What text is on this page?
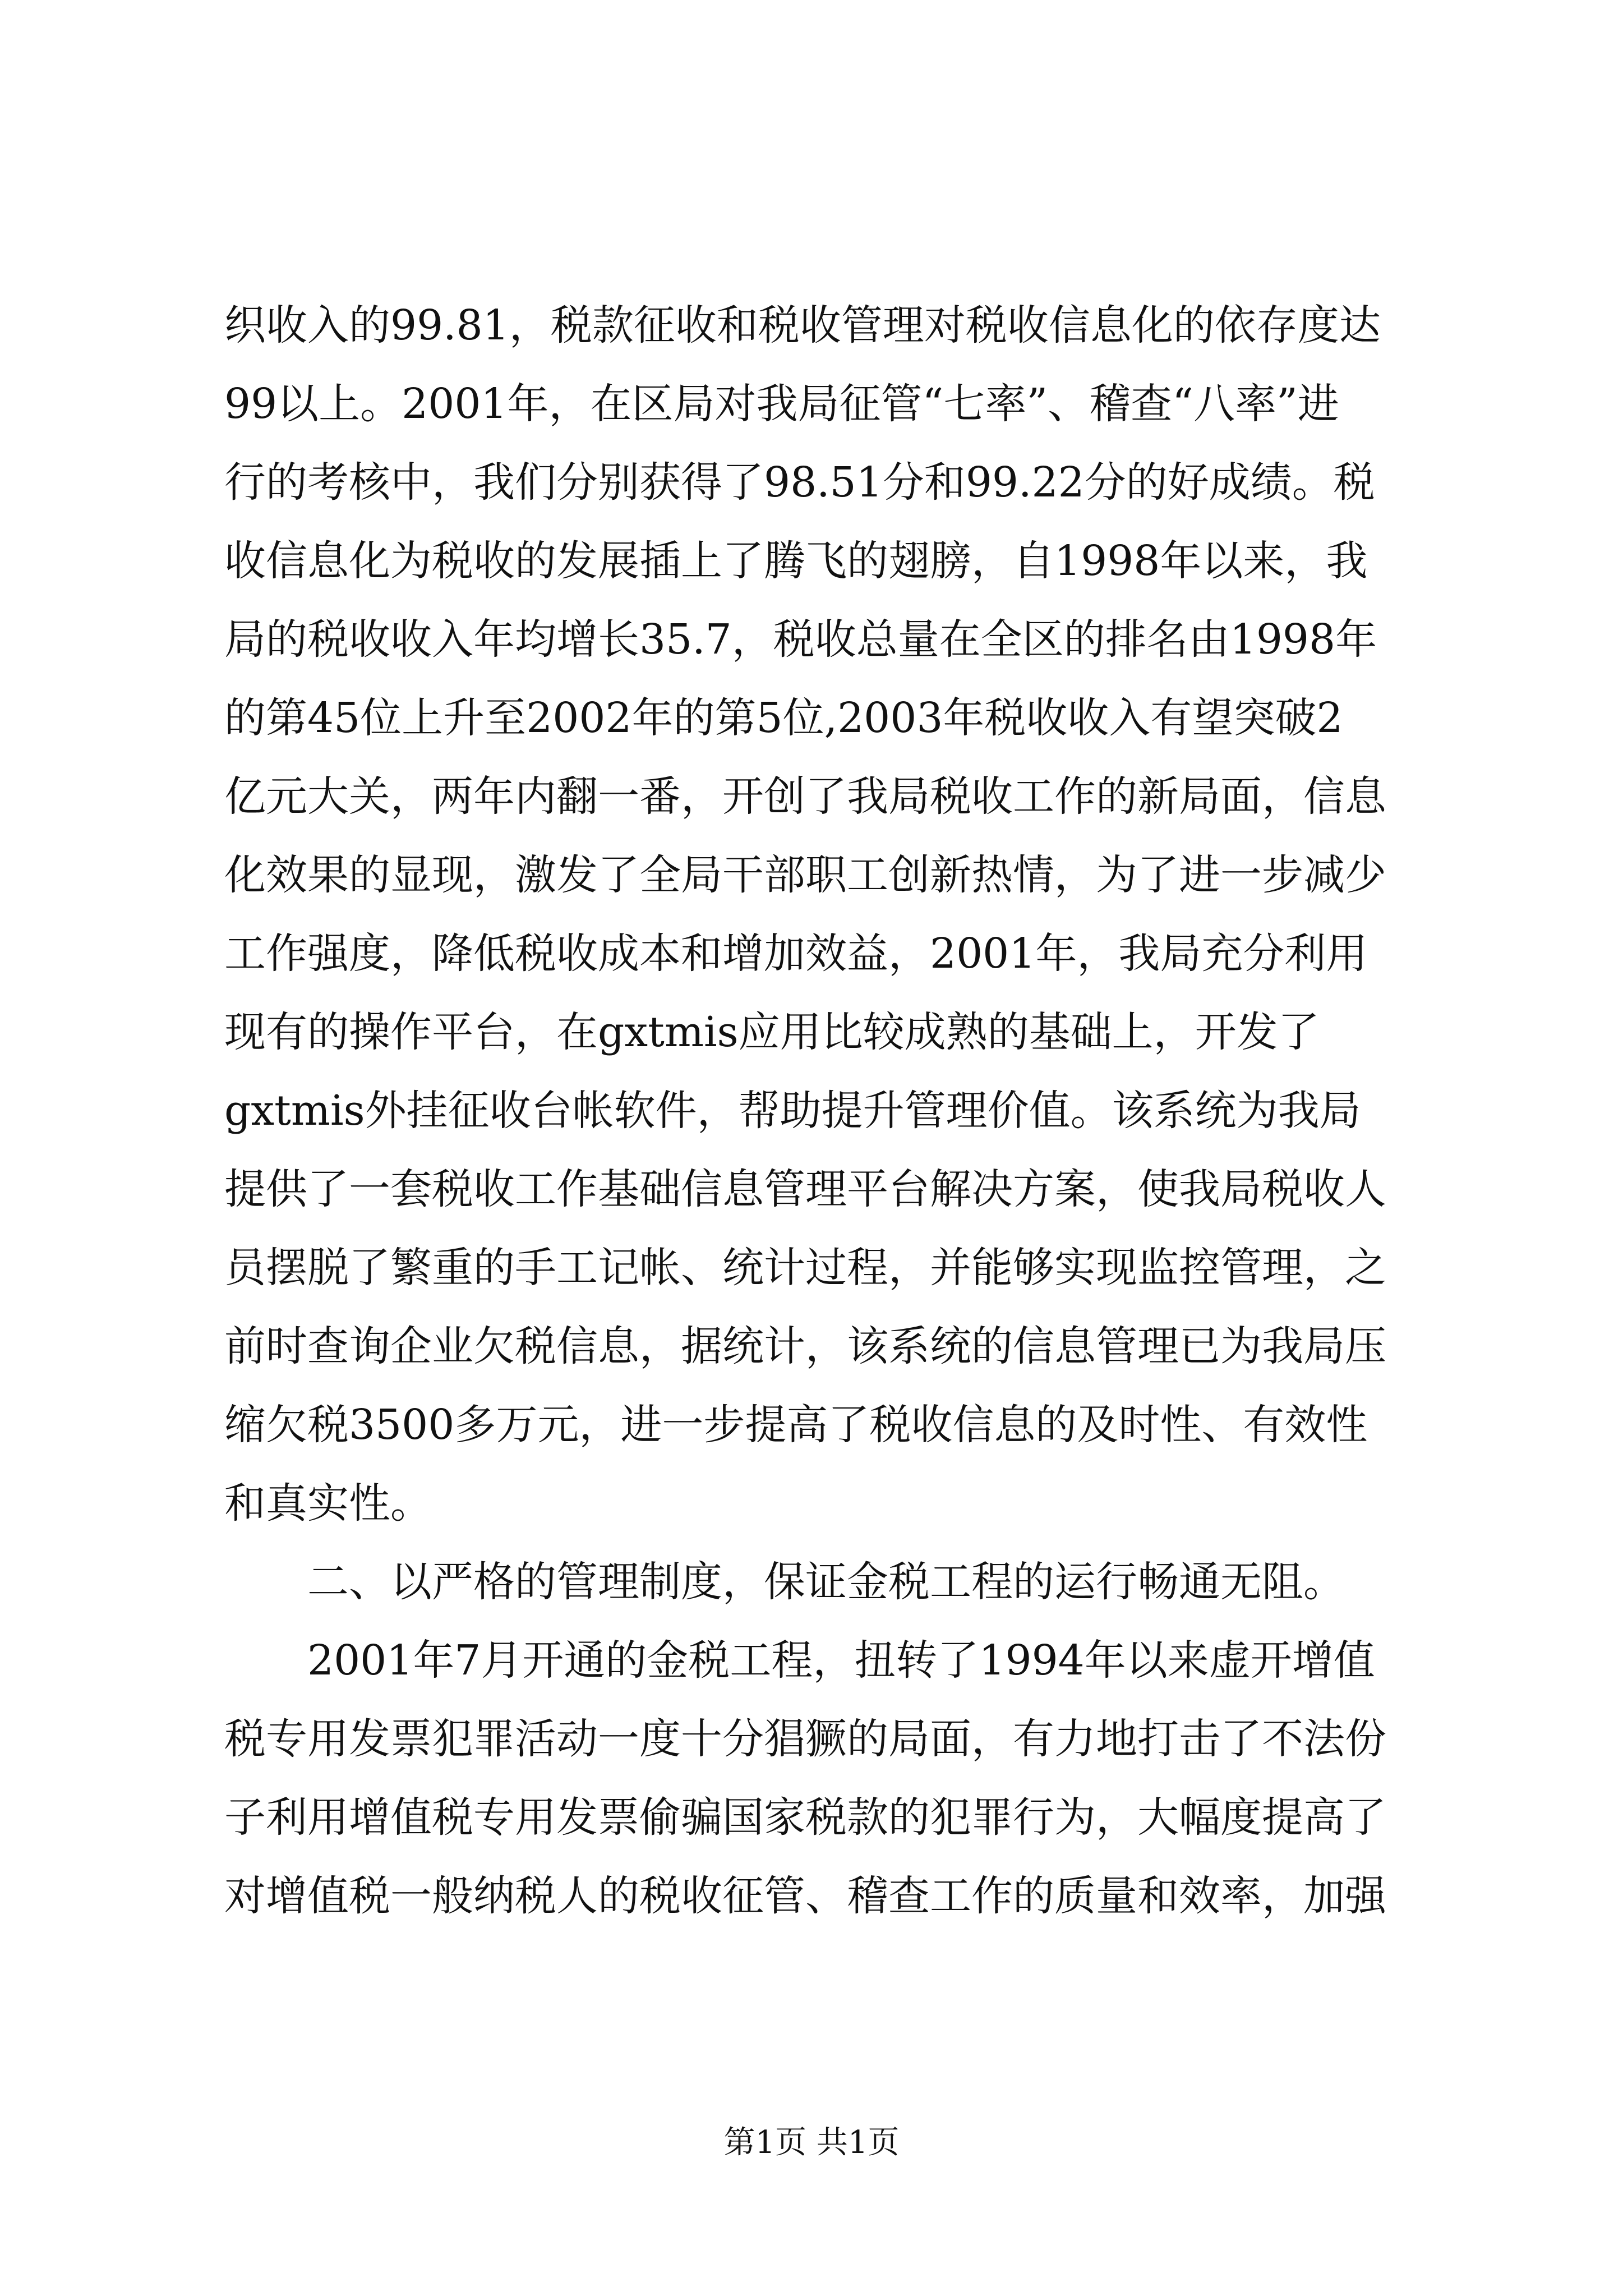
织收入的99.81，税款征收和税收管理对税收信息化的依存度达
99以上。2001年，在区局对我局征管“七率”、稽查“八率”进
行的考核中，我们分别获得了98.51分和99.22分的好成绩。税
收信息化为税收的发展插上了腾飞的翅膀，自1998年以来，我
局的税收收入年均增长35.7，税收总量在全区的排名由1998年
的第45位上升至2002年的第5位,2003年税收收入有望突破2
亿元大关，两年内翻一番，开创了我局税收工作的新局面，信息
化效果的显现，激发了全局干部职工创新热情，为了进一步减少
工作强度，降低税收成本和增加效益，2001年，我局充分利用
现有的操作平台，在gxtmis应用比较成熟的基础上，开发了
gxtmis外挂征收台帐软件，帮助提升管理价值。该系统为我局
提供了一套税收工作基础信息管理平台解决方案，使我局税收人
员摆脱了繁重的手工记帐、统计过程，并能够实现监控管理，之
前时查询企业欠税信息，据统计，该系统的信息管理已为我局压
缩欠税3500多万元，进一步提高了税收信息的及时性、有效性
和真实性。
二、以严格的管理制度，保证金税工程的运行畅通无阻。
2001年7月开通的金税工程，扭转了1994年以来虚开增值
税专用发票犯罪活动一度十分猖獗的局面，有力地打击了不法份
子利用增值税专用发票偷骗国家税款的犯罪行为，大幅度提高了
对增值税一般纳税人的税收征管、稽查工作的质量和效率，加强
第1页 共1页
